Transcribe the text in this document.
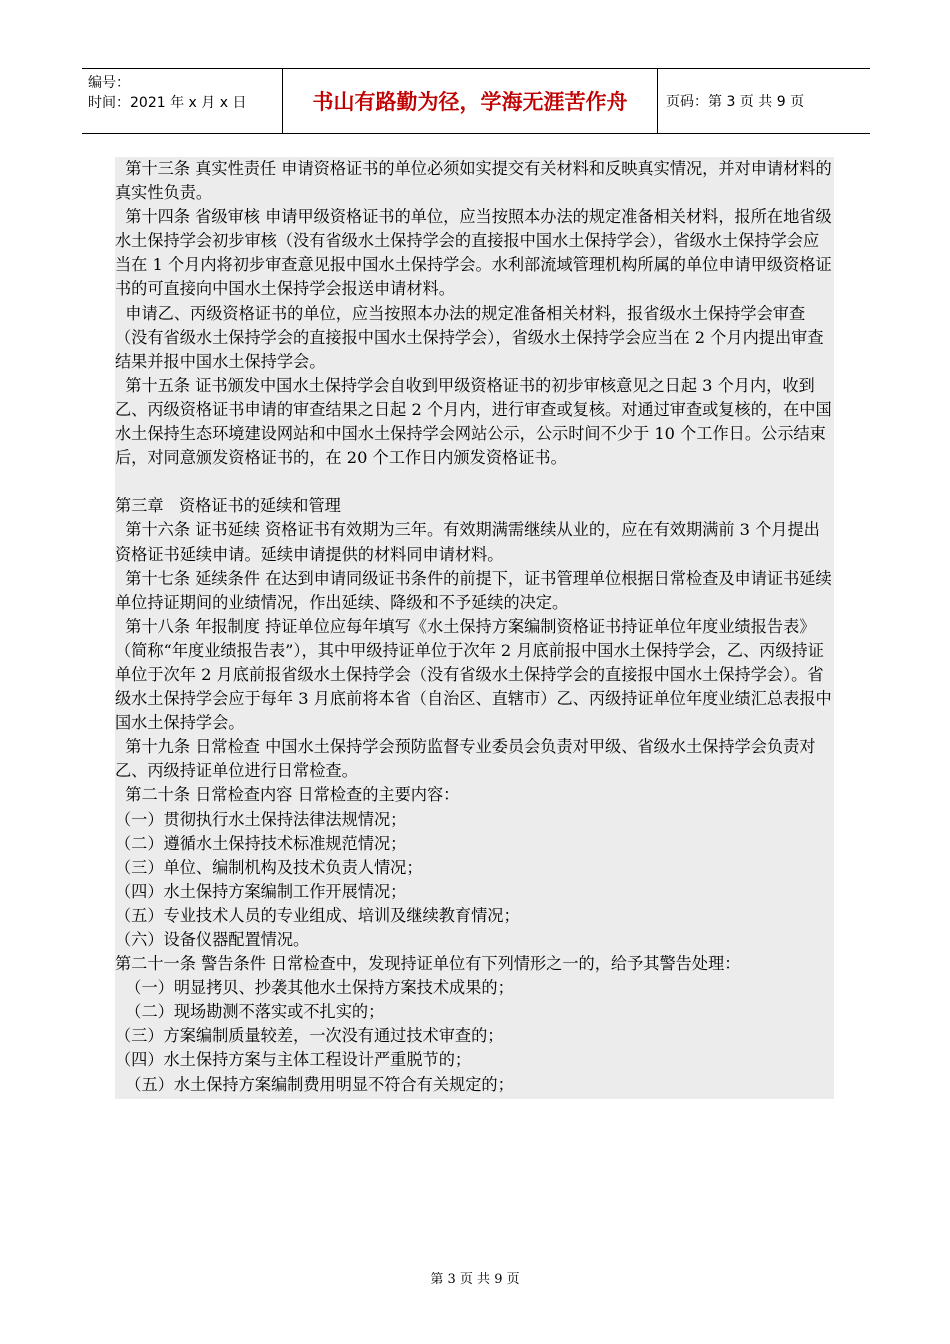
编号：
时间：2021 年 x 月 x 日	书山有路勤为径，学海无涯苦作舟	页码：第 3 页 共 9 页

第十三条 真实性责任 申请资格证书的单位必须如实提交有关材料和反映真实情况，并对申请材料的真实性负责。

第十四条 省级审核 申请甲级资格证书的单位，应当按照本办法的规定准备相关材料，报所在地省级水土保持学会初步审核（没有省级水土保持学会的直接报中国水土保持学会），省级水土保持学会应当在 1 个月内将初步审查意见报中国水土保持学会。水利部流域管理机构所属的单位申请甲级资格证书的可直接向中国水土保持学会报送申请材料。

申请乙、丙级资格证书的单位，应当按照本办法的规定准备相关材料，报省级水土保持学会审查（没有省级水土保持学会的直接报中国水土保持学会），省级水土保持学会应当在 2 个月内提出审查结果并报中国水土保持学会。

第十五条 证书颁发中国水土保持学会自收到甲级资格证书的初步审核意见之日起 3 个月内，收到乙、丙级资格证书申请的审查结果之日起 2 个月内，进行审查或复核。对通过审查或复核的，在中国水土保持生态环境建设网站和中国水土保持学会网站公示，公示时间不少于 10 个工作日。公示结束后，对同意颁发资格证书的，在 20 个工作日内颁发资格证书。

第三章   资格证书的延续和管理

第十六条 证书延续 资格证书有效期为三年。有效期满需继续从业的，应在有效期满前 3 个月提出资格证书延续申请。延续申请提供的材料同申请材料。

第十七条 延续条件 在达到申请同级证书条件的前提下，证书管理单位根据日常检查及申请证书延续单位持证期间的业绩情况，作出延续、降级和不予延续的决定。

第十八条 年报制度 持证单位应每年填写《水土保持方案编制资格证书持证单位年度业绩报告表》（简称“年度业绩报告表”），其中甲级持证单位于次年 2 月底前报中国水土保持学会，乙、丙级持证单位于次年 2 月底前报省级水土保持学会（没有省级水土保持学会的直接报中国水土保持学会）。省级水土保持学会应于每年 3 月底前将本省（自治区、直辖市）乙、丙级持证单位年度业绩汇总表报中国水土保持学会。

第十九条 日常检查 中国水土保持学会预防监督专业委员会负责对甲级、省级水土保持学会负责对乙、丙级持证单位进行日常检查。

第二十条 日常检查内容 日常检查的主要内容：

（一）贯彻执行水土保持法律法规情况；

（二）遵循水土保持技术标准规范情况；

（三）单位、编制机构及技术负责人情况；

（四）水土保持方案编制工作开展情况；

（五）专业技术人员的专业组成、培训及继续教育情况；

（六）设备仪器配置情况。

第二十一条 警告条件 日常检查中，发现持证单位有下列情形之一的，给予其警告处理：

（一）明显拷贝、抄袭其他水土保持方案技术成果的；

（二）现场勘测不落实或不扎实的；

（三）方案编制质量较差，一次没有通过技术审查的；

（四）水土保持方案与主体工程设计严重脱节的；

（五）水土保持方案编制费用明显不符合有关规定的；

第 3 页 共 9 页
